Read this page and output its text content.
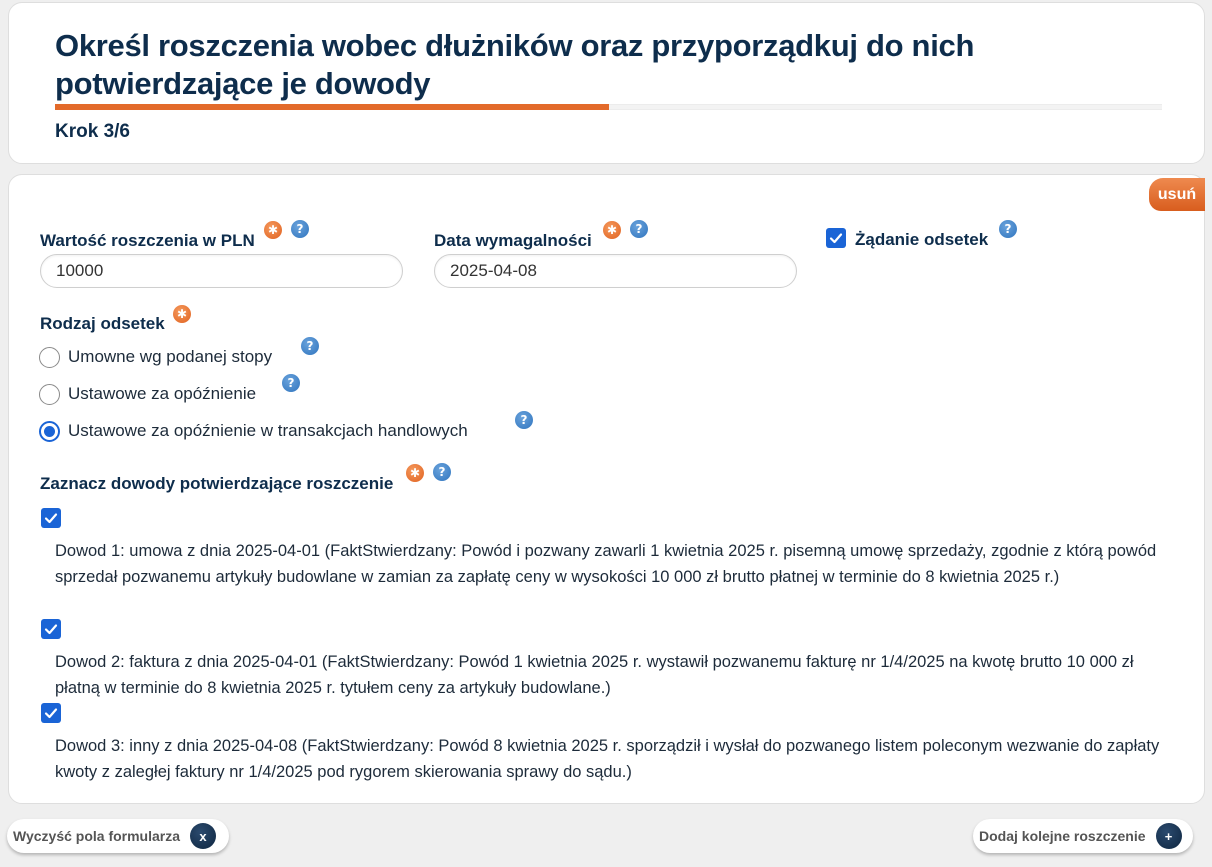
Określ roszczenia wobec dłużników oraz przyporządkuj do nich potwierdzające je dowody
Krok 3/6
usuń
Wartość roszczenia w PLN
✱	?
10000
Data wymagalności
✱	?
2025-04-08
Żądanie odsetek
?
Rodzaj odsetek	✱
Umowne wg podanej stopy
?
Ustawowe za opóźnienie
?
Ustawowe za opóźnienie w transakcjach handlowych
?
Zaznacz dowody potwierdzające roszczenie
✱	?
Dowod 1: umowa z dnia 2025-04-01 (FaktStwierdzany: Powód i pozwany zawarli 1 kwietnia 2025 r. pisemną umowę sprzedaży, zgodnie z którą powód sprzedał pozwanemu artykuły budowlane w zamian za zapłatę ceny w wysokości 10 000 zł brutto płatnej w terminie do 8 kwietnia 2025 r.)
Dowod 2: faktura z dnia 2025-04-01 (FaktStwierdzany: Powód 1 kwietnia 2025 r. wystawił pozwanemu fakturę nr 1/4/2025 na kwotę brutto 10 000 zł płatną w terminie do 8 kwietnia 2025 r. tytułem ceny za artykuły budowlane.)
Dowod 3: inny z dnia 2025-04-08 (FaktStwierdzany: Powód 8 kwietnia 2025 r. sporządził i wysłał do pozwanego listem poleconym wezwanie do zapłaty kwoty z zaległej faktury nr 1/4/2025 pod rygorem skierowania sprawy do sądu.)
Wyczyść pola formularza	x	Dodaj kolejne roszczenie	+
